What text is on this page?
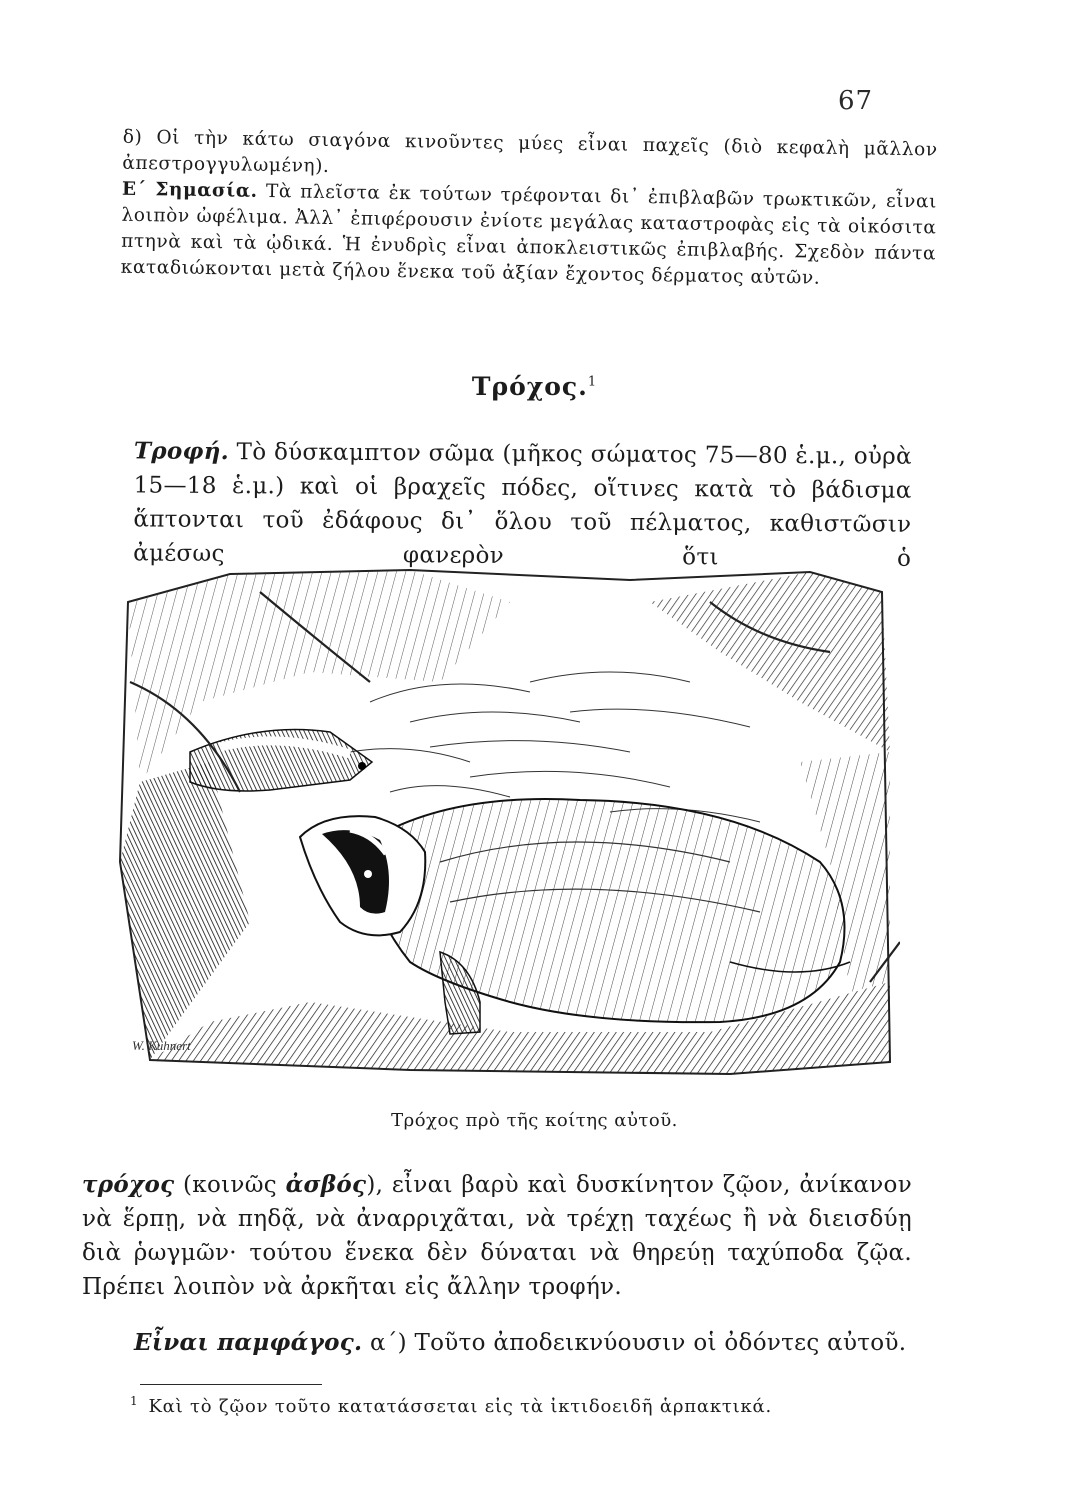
67

δ) Οἱ τὴν κάτω σιαγόνα κινοῦντες μύες εἶναι παχεῖς (διὸ κεφαλὴ μᾶλλον ἀπεστρογγυλωμένη).

Ε΄ Σημασία. Τὰ πλεῖστα ἐκ τούτων τρέφονται δι᾽ ἐπιβλαβῶν τρωκτικῶν, εἶναι λοιπὸν ὠφέλιμα. Ἀλλ᾽ ἐπιφέρουσιν ἐνίοτε μεγάλας καταστροφὰς εἰς τὰ οἰκόσιτα πτηνὰ καὶ τὰ ᾠδικά. Ἡ ἐνυδρὶς εἶναι ἀποκλειστικῶς ἐπιβλαβής. Σχεδὸν πάντα καταδιώκονται μετὰ ζήλου ἕνεκα τοῦ ἀξίαν ἔχοντος δέρματος αὐτῶν.

Τρόχος.$^1$

Τροφή. Τὸ δύσκαμπτον σῶμα (μῆκος σώματος 75—80 ἑ.μ., οὐρὰ 15—18 ἑ.μ.) καὶ οἱ βραχεῖς πόδες, οἵτινες κατὰ τὸ βάδισμα ἅπτονται τοῦ ἐδάφους δι᾽ ὅλου τοῦ πέλματος, καθιστῶσιν ἀμέσως φανερὸν ὅτι ὁ

W. Kuhnert
Τρόχος πρὸ τῆς κοίτης αὐτοῦ.

τρόχος (κοινῶς ἀσβός), εἶναι βαρὺ καὶ δυσκίνητον ζῷον, ἀνίκανον νὰ ἕρπῃ, νὰ πηδᾷ, νὰ ἀναρριχᾶται, νὰ τρέχῃ ταχέως ἢ νὰ διεισδύῃ διὰ ῥωγμῶν· τούτου ἕνεκα δὲν δύναται νὰ θηρεύῃ ταχύποδα ζῷα. Πρέπει λοιπὸν νὰ ἀρκῆται εἰς ἄλλην τροφήν.

Εἶναι παμφάγος. α΄) Τοῦτο ἀποδεικνύουσιν οἱ ὀδόντες αὐτοῦ.

$^1$ Καὶ τὸ ζῷον τοῦτο κατατάσσεται εἰς τὰ ἰκτιδοειδῆ ἁρπακτικά.
